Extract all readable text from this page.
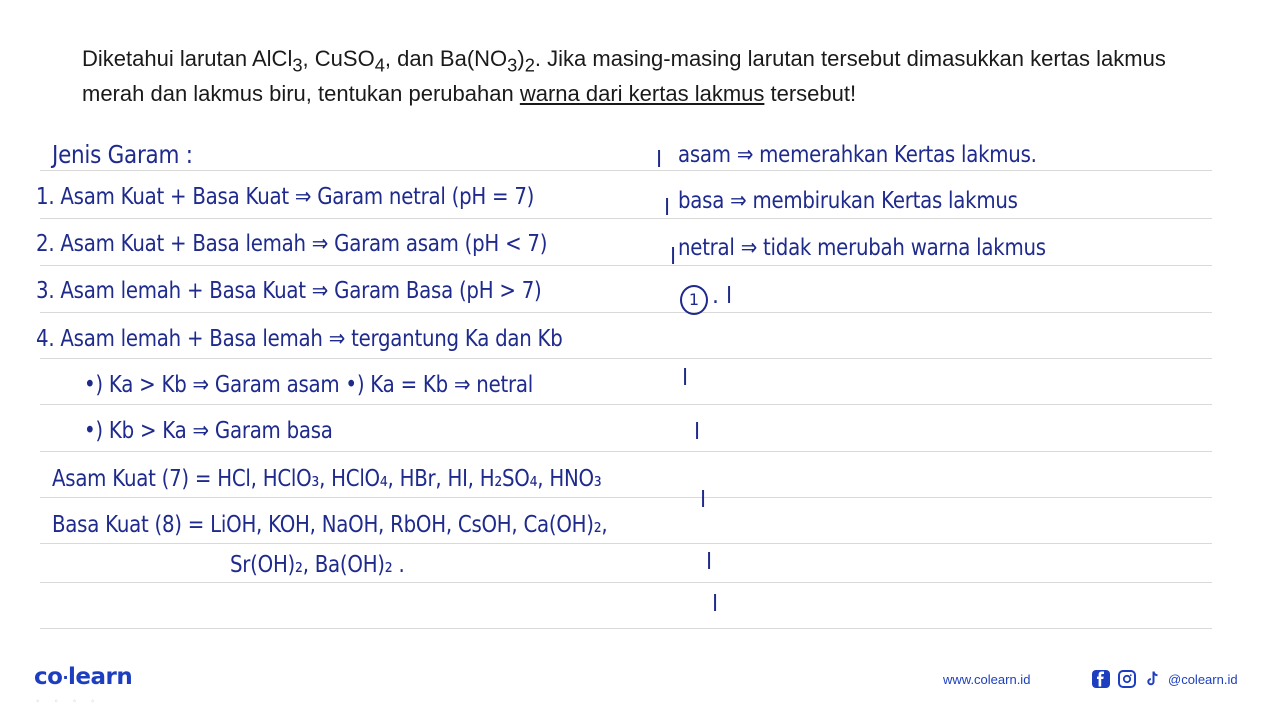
Diketahui larutan AlCl$_3$, CuSO$_4$, dan $Ba(NO_3)_2$. Jika masing-masing larutan tersebut dimasukkan kertas lakmus merah dan lakmus biru, tentukan perubahan warna dari kertas lakmus tersebut!
Jenis Garam :
1. Asam Kuat + Basa Kuat ⇒ Garam netral (pH = 7)
2. Asam Kuat + Basa lemah ⇒ Garam asam (pH < 7)
3. Asam lemah + Basa Kuat ⇒ Garam Basa (pH > 7)
4. Asam lemah + Basa lemah ⇒ tergantung Ka dan Kb
•) Ka > Kb ⇒ Garam asam •) Ka = Kb ⇒ netral
•) Kb > Ka ⇒ Garam basa
Asam Kuat (7) = HCl, HClO₃, HClO₄, HBr, HI, H₂SO₄, HNO₃
Basa Kuat (8) = LiOH, KOH, NaOH, RbOH, CsOH, Ca(OH)₂,
Sr(OH)₂, Ba(OH)₂ .
asam ⇒ memerahkan Kertas lakmus.
basa ⇒ membirukan Kertas lakmus
netral ⇒ tidak merubah warna lakmus
1 . l
l
l
l
l
l
l
l
l
co·learn
◦ ◦ ◦ ◦
www.colearn.id	@colearn.id
